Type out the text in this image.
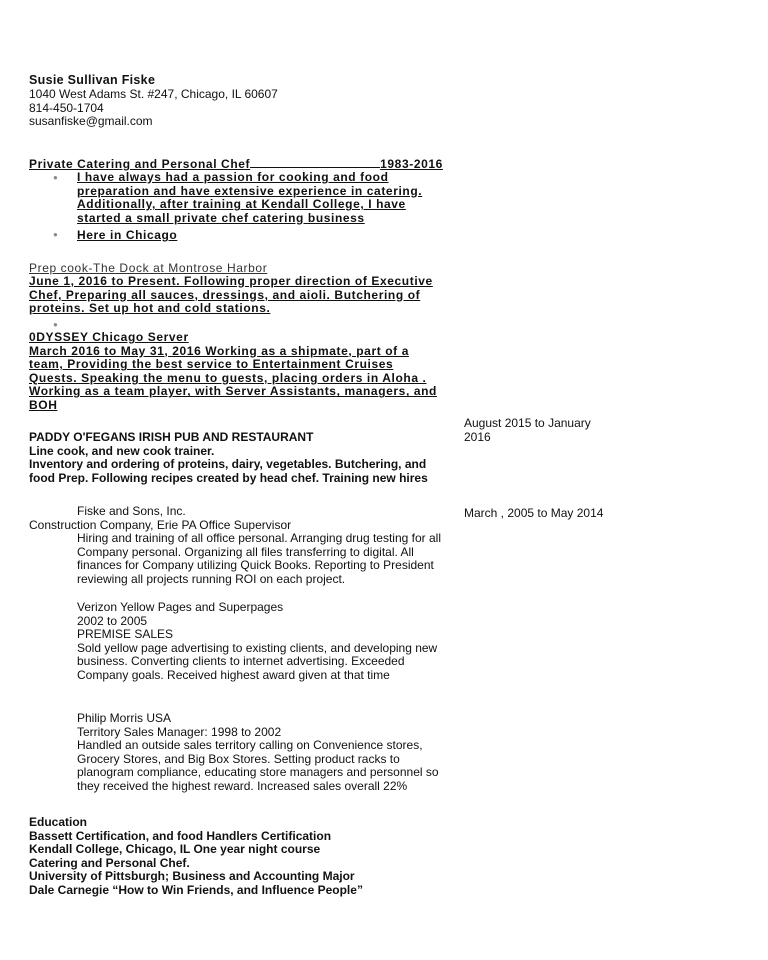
Susie Sullivan Fiske
1040 West Adams St. #247, Chicago, IL 60607
814-450-1704
susanfiske@gmail.com
Private Catering and Personal Chef	1983-2016
● I have always had a passion for cooking and food
preparation and have extensive experience in catering.
Additionally, after training at Kendall College, I have
started a small private chef catering business
● Here in Chicago
Prep cook-The Dock at Montrose Harbor
June 1, 2016 to Present. Following proper direction of Executive
Chef, Preparing all sauces, dressings, and aioli. Butchering of
proteins. Set up hot and cold stations.
●
0DYSSEY Chicago Server
March 2016 to May 31, 2016 Working as a shipmate, part of a
team, Providing the best service to Entertainment Cruises
Quests. Speaking the menu to guests, placing orders in Aloha .
Working as a team player, with Server Assistants, managers, and
BOH
August 2015 to January
2016
PADDY O'FEGANS IRISH PUB AND RESTAURANT
Line cook, and new cook trainer.
Inventory and ordering of proteins, dairy, vegetables. Butchering, and
food Prep. Following recipes created by head chef. Training new hires
Fiske and Sons, Inc.	March , 2005 to May 2014
Construction Company, Erie PA Office Supervisor
Hiring and training of all office personal. Arranging drug testing for all
Company personal. Organizing all files transferring to digital. All
finances for Company utilizing Quick Books. Reporting to President
reviewing all projects running ROI on each project.
Verizon Yellow Pages and Superpages
2002 to 2005
PREMISE SALES
Sold yellow page advertising to existing clients, and developing new
business. Converting clients to internet advertising. Exceeded
Company goals. Received highest award given at that time
Philip Morris USA
Territory Sales Manager: 1998 to 2002
Handled an outside sales territory calling on Convenience stores,
Grocery Stores, and Big Box Stores. Setting product racks to
planogram compliance, educating store managers and personnel so
they received the highest reward. Increased sales overall 22%
Education
Bassett Certification, and food Handlers Certification
Kendall College, Chicago, IL One year night course
Catering and Personal Chef.
University of Pittsburgh; Business and Accounting Major
Dale Carnegie “How to Win Friends, and Influence People”
